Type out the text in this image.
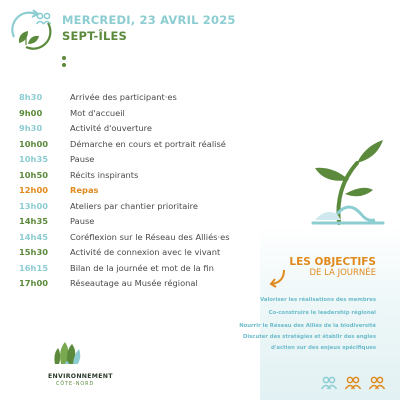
MERCREDI, 23 AVRIL 2025
SEPT-ÎLES
8h30	Arrivée des participant·es
9h00	Mot d'accueil
9h30	Activité d'ouverture
10h00	Démarche en cours et portrait réalisé
10h35	Pause
10h50	Récits inspirants
12h00	Repas
13h00	Ateliers par chantier prioritaire
14h35	Pause
14h45	Coréflexion sur le Réseau des Alliés·es
15h30	Activité de connexion avec le vivant
16h15	Bilan de la journée et mot de la fin
17h00	Réseautage au Musée régional
LES OBJECTIFS
DE LA JOURNÉE
Valoriser les réalisations des membres
Co-construire le leadership régional
Nourrir le Réseau des Alliés de la biodiversité
Discuter des stratégies et établir des angles
d'action sur des enjeux spécifiques
ENVIRONNEMENT
CÔTE-NORD
